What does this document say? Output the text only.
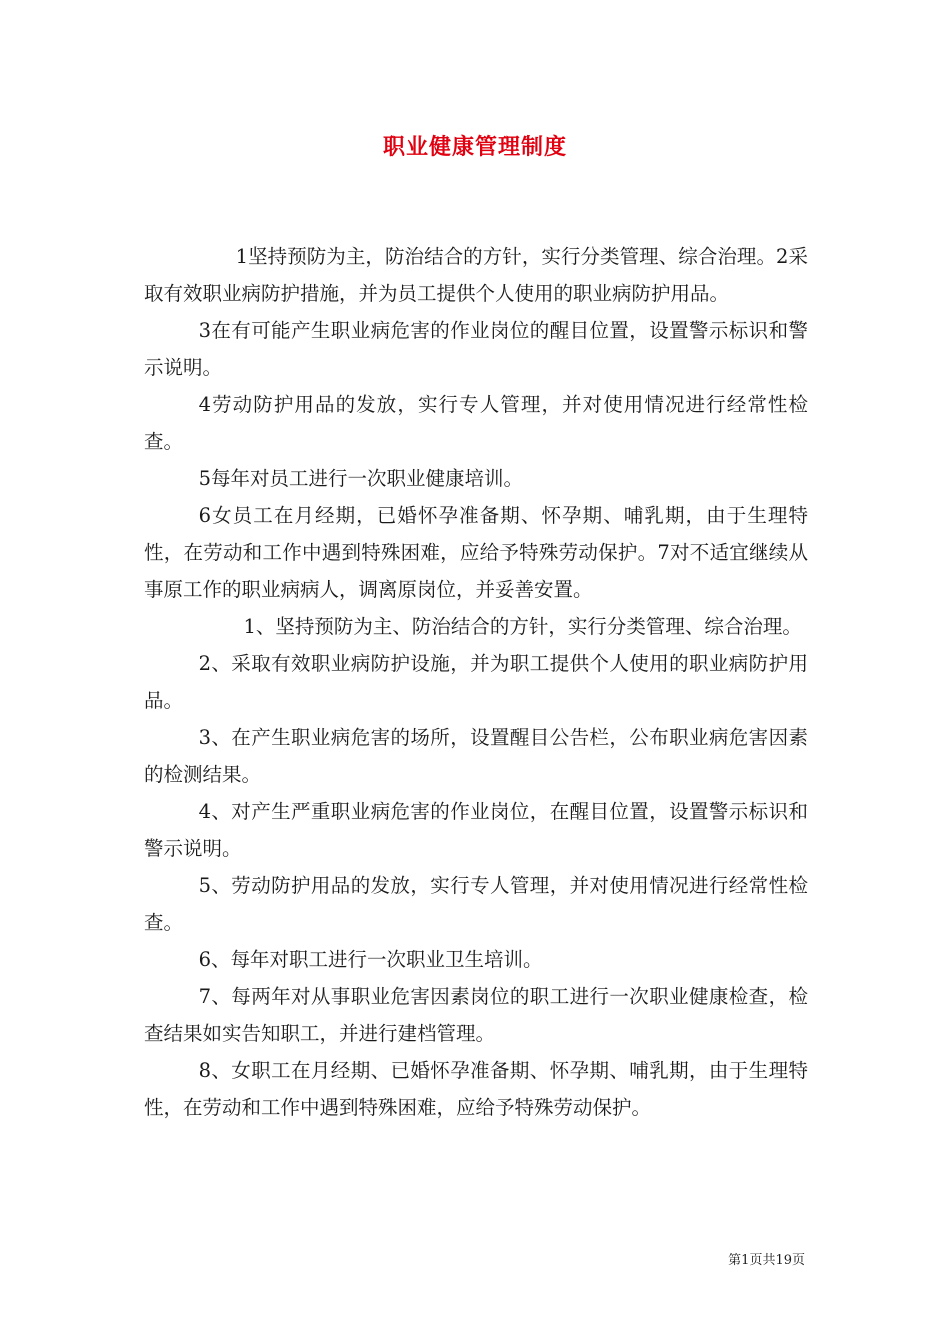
职业健康管理制度

1坚持预防为主，防治结合的方针，实行分类管理、综合治理。2采取有效职业病防护措施，并为员工提供个人使用的职业病防护用品。

3在有可能产生职业病危害的作业岗位的醒目位置，设置警示标识和警示说明。

4劳动防护用品的发放，实行专人管理，并对使用情况进行经常性检查。

5每年对员工进行一次职业健康培训。

6女员工在月经期，已婚怀孕准备期、怀孕期、哺乳期，由于生理特性，在劳动和工作中遇到特殊困难，应给予特殊劳动保护。7对不适宜继续从事原工作的职业病病人，调离原岗位，并妥善安置。

1、坚持预防为主、防治结合的方针，实行分类管理、综合治理。

2、采取有效职业病防护设施，并为职工提供个人使用的职业病防护用品。

3、在产生职业病危害的场所，设置醒目公告栏，公布职业病危害因素的检测结果。

4、对产生严重职业病危害的作业岗位，在醒目位置，设置警示标识和警示说明。

5、劳动防护用品的发放，实行专人管理，并对使用情况进行经常性检查。

6、每年对职工进行一次职业卫生培训。

7、每两年对从事职业危害因素岗位的职工进行一次职业健康检查，检查结果如实告知职工，并进行建档管理。

8、女职工在月经期、已婚怀孕准备期、怀孕期、哺乳期，由于生理特性，在劳动和工作中遇到特殊困难，应给予特殊劳动保护。

第1页共19页
